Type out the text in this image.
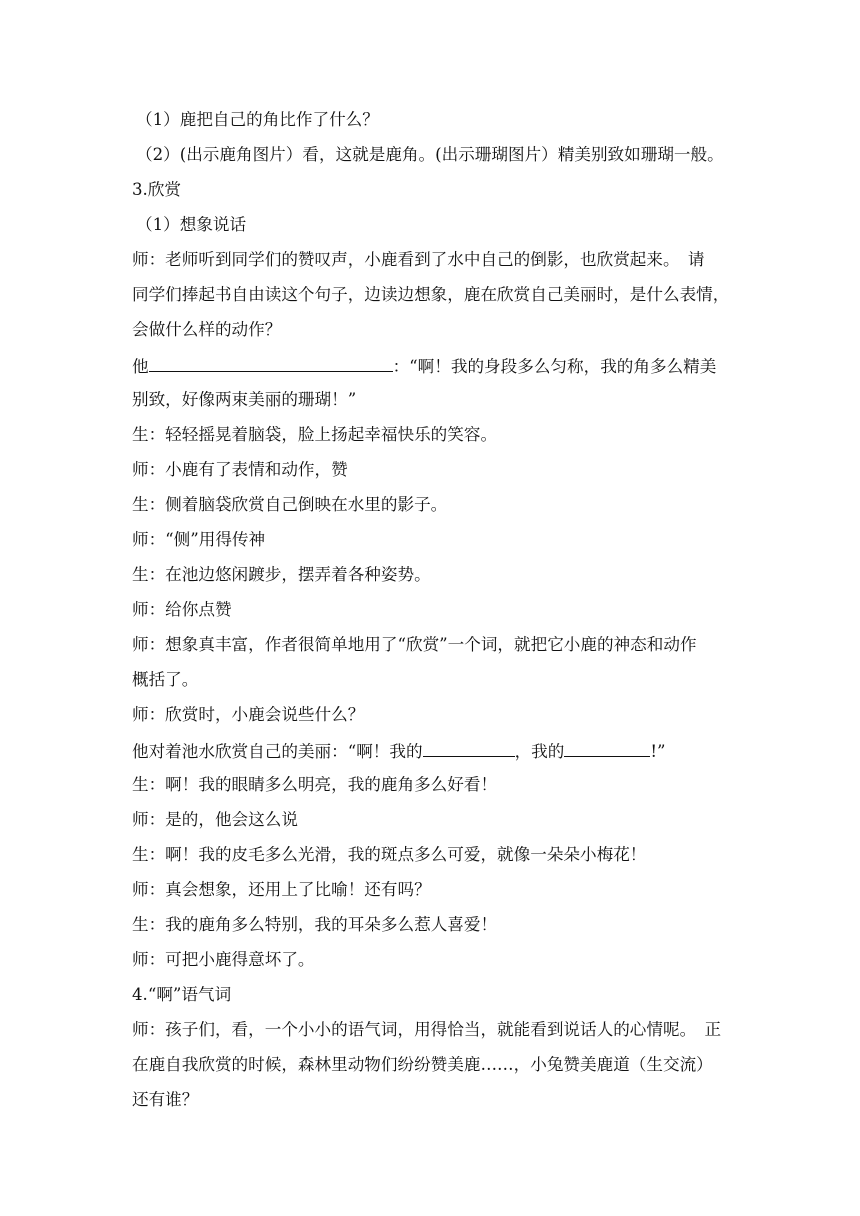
（1）鹿把自己的角比作了什么？
（2）(出示鹿角图片）看，这就是鹿角。(出示珊瑚图片）精美别致如珊瑚一般。
3.欣赏
（1）想象说话
师：老师听到同学们的赞叹声，小鹿看到了水中自己的倒影，也欣赏起来。　请
同学们捧起书自由读这个句子，边读边想象，鹿在欣赏自己美丽时，是什么表情，
会做什么样的动作？
他	：“啊！我的身段多么匀称，我的角多么精美
别致，好像两束美丽的珊瑚！”
生：轻轻摇晃着脑袋，脸上扬起幸福快乐的笑容。
师：小鹿有了表情和动作，赞
生：侧着脑袋欣赏自己倒映在水里的影子。
师：“侧”用得传神
生：在池边悠闲踱步，摆弄着各种姿势。
师：给你点赞
师：想象真丰富，作者很简单地用了“欣赏”一个词，就把它小鹿的神态和动作
概括了。
师：欣赏时，小鹿会说些什么？
他对着池水欣赏自己的美丽：“啊！我的	，我的	!”
生：啊！我的眼睛多么明亮，我的鹿角多么好看！
师：是的，他会这么说
生：啊！我的皮毛多么光滑，我的斑点多么可爱，就像一朵朵小梅花！
师：真会想象，还用上了比喻！还有吗？
生：我的鹿角多么特别，我的耳朵多么惹人喜爱！
师：可把小鹿得意坏了。
4.“啊”语气词
师：孩子们，看，一个小小的语气词，用得恰当，就能看到说话人的心情呢。　正
在鹿自我欣赏的时候，森林里动物们纷纷赞美鹿……，小兔赞美鹿道（生交流）
还有谁？
